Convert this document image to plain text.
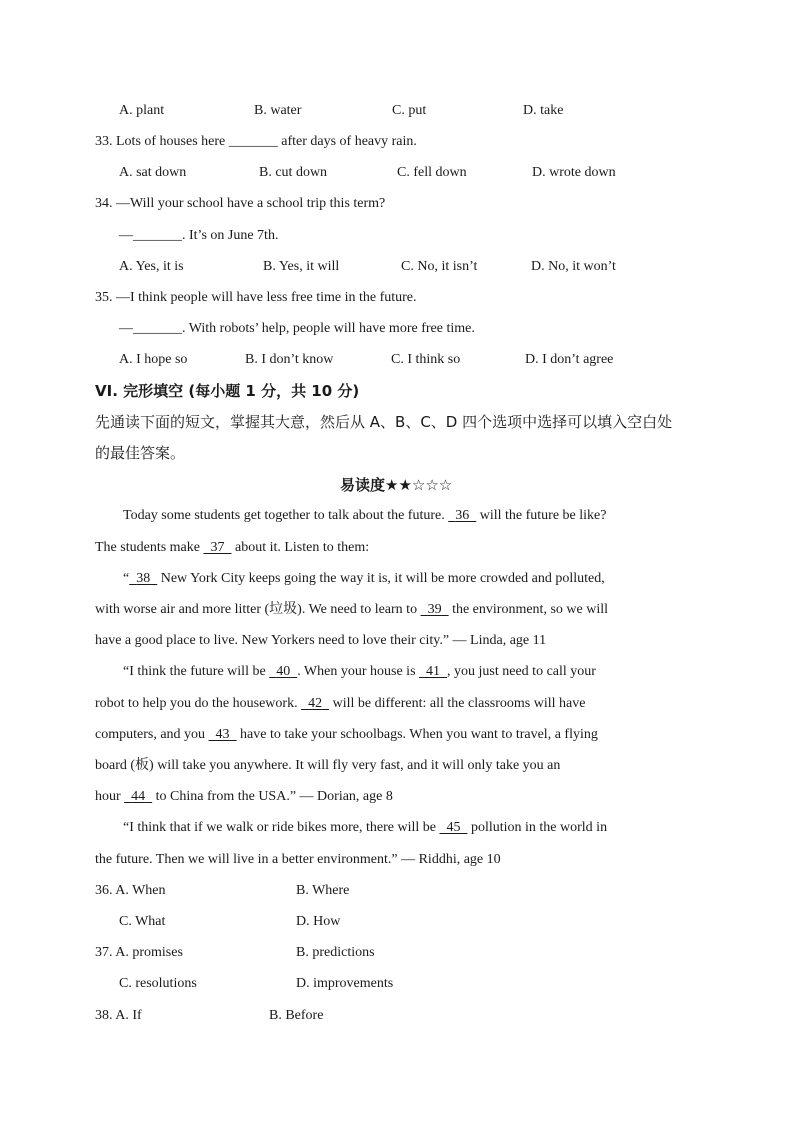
A. plant	B. water	C. put	D. take
33. Lots of houses here _______ after days of heavy rain.
A. sat down	B. cut down	C. fell down	D. wrote down
34. —Will your school have a school trip this term?
—_______. It’s on June 7th.
A. Yes, it is	B. Yes, it will	C. No, it isn’t	D. No, it won’t
35. —I think people will have less free time in the future.
—_______. With robots’ help, people will have more free time.
A. I hope so	B. I don’t know	C. I think so	D. I don’t agree
VI. 完形填空 (每小题 1 分，共 10 分)
先通读下面的短文，掌握其大意，然后从 A、B、C、D 四个选项中选择可以填入空白处
的最佳答案。
易读度★★☆☆☆
Today some students get together to talk about the future. 36 will the future be like?
The students make 37 about it. Listen to them:
“ 38 New York City keeps going the way it is, it will be more crowded and polluted,
with worse air and more litter (垃圾). We need to learn to 39 the environment, so we will
have a good place to live. New Yorkers need to love their city.” — Linda, age 11
“I think the future will be 40 . When your house is 41 , you just need to call your
robot to help you do the housework. 42 will be different: all the classrooms will have
computers, and you 43 have to take your schoolbags. When you want to travel, a flying
board (板) will take you anywhere. It will fly very fast, and it will only take you an
hour 44 to China from the USA.” — Dorian, age 8
“I think that if we walk or ride bikes more, there will be 45 pollution in the world in
the future. Then we will live in a better environment.” — Riddhi, age 10
36. A. When	B. Where
C. What	D. How
37. A. promises	B. predictions
C. resolutions	D. improvements
38. A. If	B. Before
